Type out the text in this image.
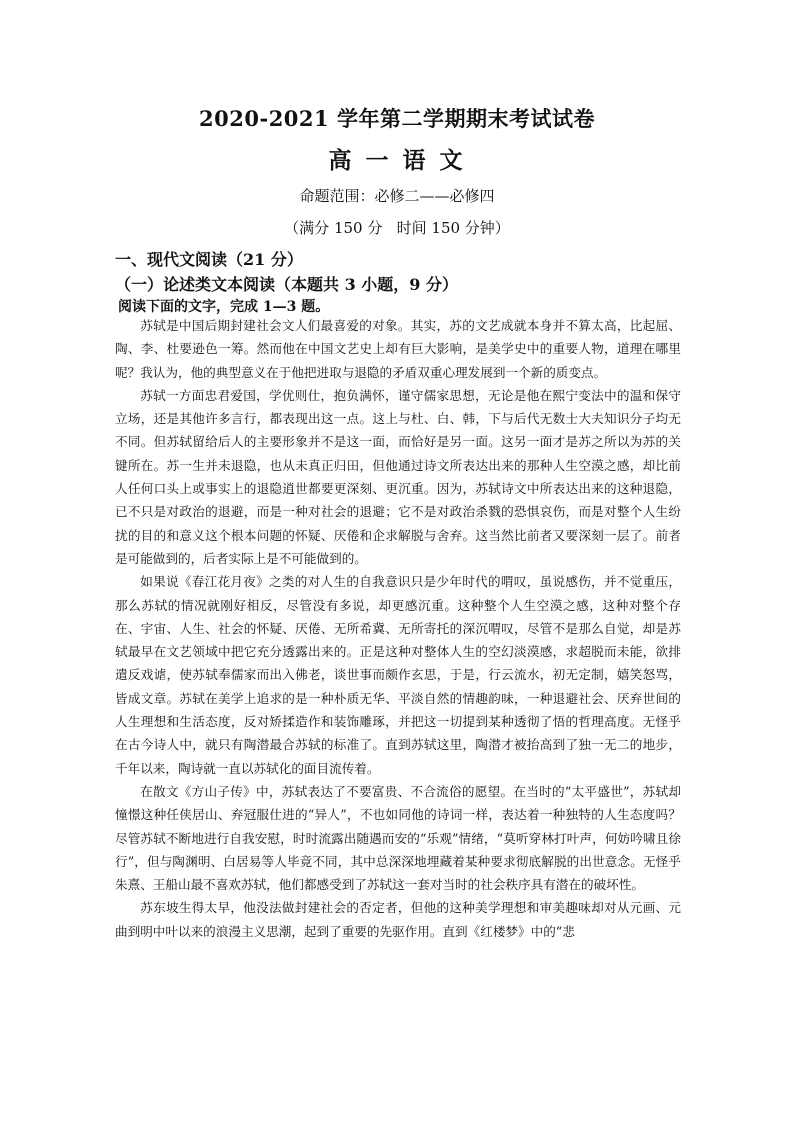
2020-2021 学年第二学期期末考试试卷
高 一 语 文
命题范围：必修二——必修四
（满分 150 分   时间 150 分钟）
一、现代文阅读（21 分）
（一）论述类文本阅读（本题共 3 小题，9 分）
阅读下面的文字，完成 1—3 题。

苏轼是中国后期封建社会文人们最喜爱的对象。其实，苏的文艺成就本身并不算太高，比起屈、陶、李、杜要逊色一筹。然而他在中国文艺史上却有巨大影响，是美学史中的重要人物，道理在哪里呢？我认为，他的典型意义在于他把进取与退隐的矛盾双重心理发展到一个新的质变点。

苏轼一方面忠君爱国，学优则仕，抱负满怀，谨守儒家思想，无论是他在熙宁变法中的温和保守立场，还是其他许多言行，都表现出这一点。这上与杜、白、韩，下与后代无数士大夫知识分子均无不同。但苏轼留给后人的主要形象并不是这一面，而恰好是另一面。这另一面才是苏之所以为苏的关键所在。苏一生并未退隐，也从未真正归田，但他通过诗文所表达出来的那种人生空漠之感，却比前人任何口头上或事实上的退隐逍世都要更深刻、更沉重。因为，苏轼诗文中所表达出来的这种退隐，已不只是对政治的退避，而是一种对社会的退避；它不是对政治杀戮的恐惧哀伤，而是对整个人生纷扰的目的和意义这个根本问题的怀疑、厌倦和企求解脱与舍弃。这当然比前者又要深刻一层了。前者是可能做到的，后者实际上是不可能做到的。

如果说《春江花月夜》之类的对人生的自我意识只是少年时代的喟叹，虽说感伤，并不觉重压，那么苏轼的情况就刚好相反，尽管没有多说，却更感沉重。这种整个人生空漠之感，这种对整个存在、宇宙、人生、社会的怀疑、厌倦、无所希冀、无所寄托的深沉喟叹，尽管不是那么自觉，却是苏轼最早在文艺领域中把它充分透露出来的。正是这种对整体人生的空幻淡漠感，求超脱而未能，欲排遣反戏谑，使苏轼奉儒家而出入佛老，谈世事而颇作玄思，于是，行云流水，初无定制，嬉笑怒骂，皆成文章。苏轼在美学上追求的是一种朴质无华、平淡自然的情趣韵味，一种退避社会、厌弃世间的人生理想和生活态度，反对矫揉造作和装饰雕琢，并把这一切提到某种透彻了悟的哲理高度。无怪乎在古今诗人中，就只有陶潜最合苏轼的标准了。直到苏轼这里，陶潜才被抬高到了独一无二的地步，千年以来，陶诗就一直以苏轼化的面目流传着。

在散文《方山子传》中，苏轼表达了不要富贵、不合流俗的愿望。在当时的“太平盛世”，苏轼却憧憬这种任侠居山、弃冠服仕进的“异人”，不也如同他的诗词一样，表达着一种独特的人生态度吗？尽管苏轼不断地进行自我安慰，时时流露出随遇而安的“乐观”情绪，“莫听穿林打叶声，何妨吟啸且徐行”，但与陶渊明、白居易等人毕竟不同，其中总深深地埋藏着某种要求彻底解脱的出世意念。无怪乎朱熹、王船山最不喜欢苏轼，他们都感受到了苏轼这一套对当时的社会秩序具有潜在的破坏性。

苏东坡生得太早，他没法做封建社会的否定者，但他的这种美学理想和审美趣味却对从元画、元曲到明中叶以来的浪漫主义思潮，起到了重要的先驱作用。直到《红楼梦》中的“悲
